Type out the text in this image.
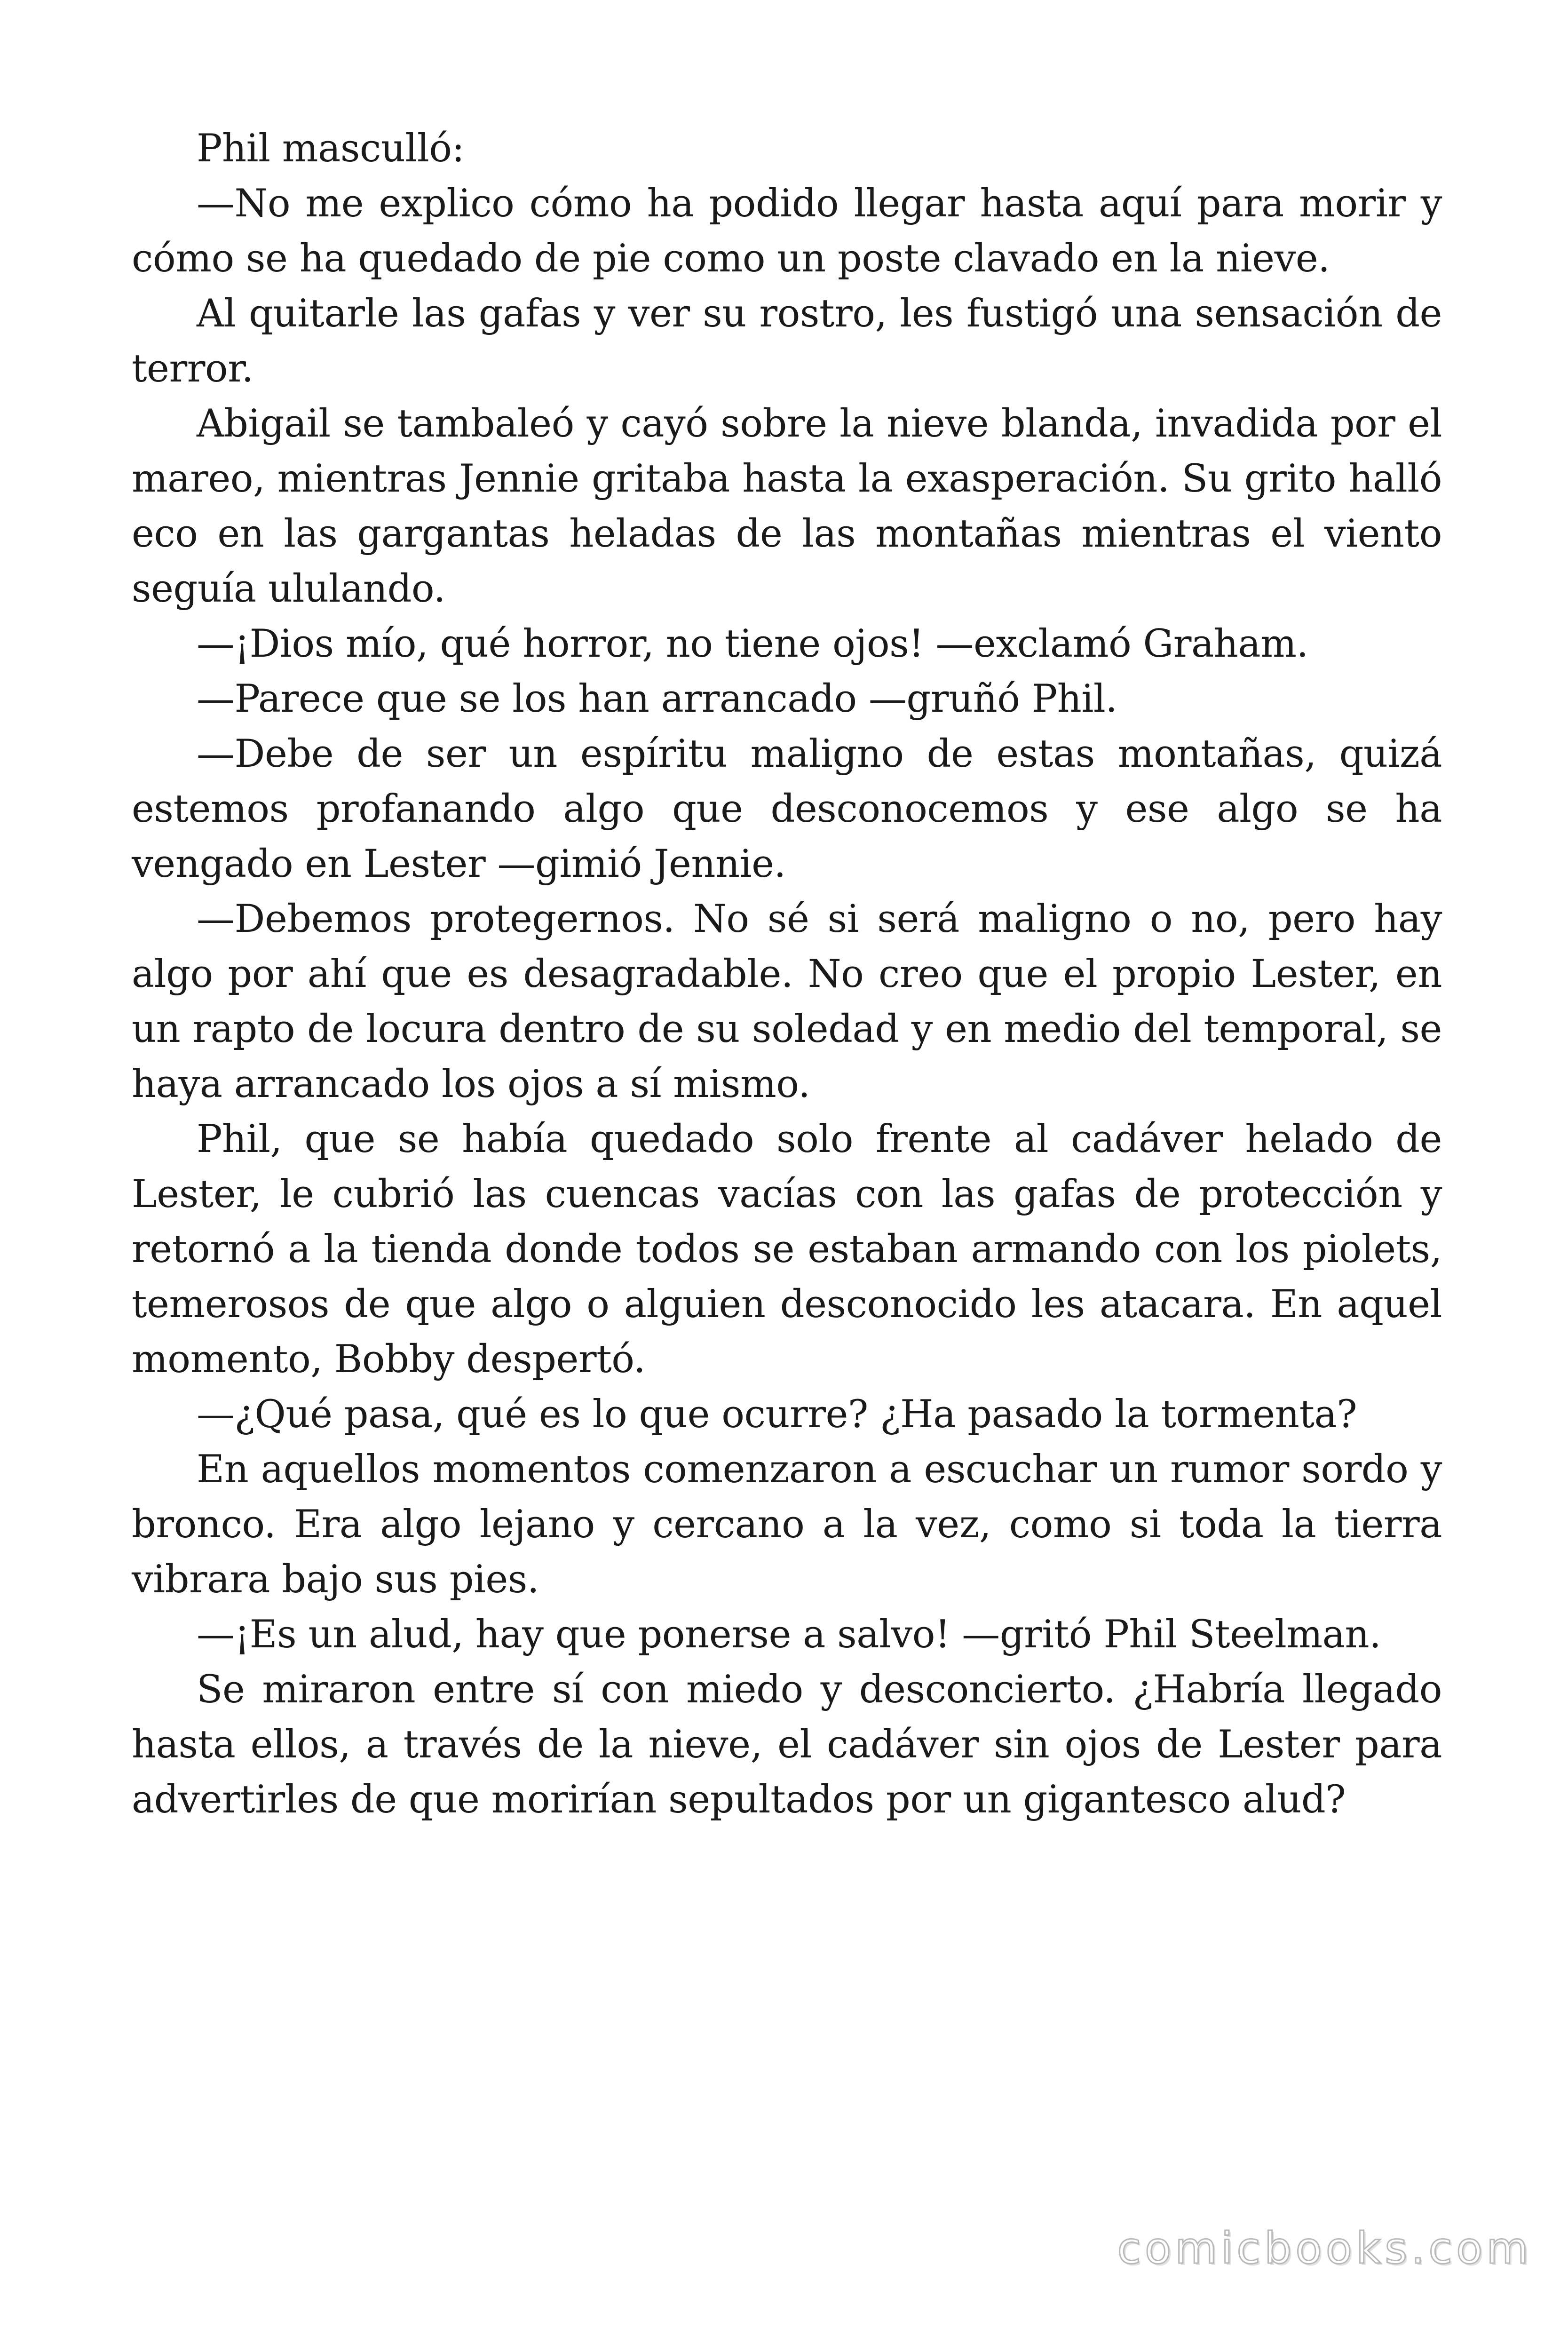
Phil masculló:

—No me explico cómo ha podido llegar hasta aquí para morir y cómo se ha quedado de pie como un poste clavado en la nieve.

Al quitarle las gafas y ver su rostro, les fustigó una sensación de terror.

Abigail se tambaleó y cayó sobre la nieve blanda, invadida por el mareo, mientras Jennie gritaba hasta la exasperación. Su grito halló eco en las gargantas heladas de las montañas mientras el viento seguía ululando.

—¡Dios mío, qué horror, no tiene ojos! —exclamó Graham.

—Parece que se los han arrancado —gruñó Phil.

—Debe de ser un espíritu maligno de estas montañas, quizá estemos profanando algo que desconocemos y ese algo se ha vengado en Lester —gimió Jennie.

—Debemos protegernos. No sé si será maligno o no, pero hay algo por ahí que es desagradable. No creo que el propio Lester, en un rapto de locura dentro de su soledad y en medio del temporal, se haya arrancado los ojos a sí mismo.

Phil, que se había quedado solo frente al cadáver helado de Lester, le cubrió las cuencas vacías con las gafas de protección y retornó a la tienda donde todos se estaban armando con los piolets, temerosos de que algo o alguien desconocido les atacara. En aquel momento, Bobby despertó.

—¿Qué pasa, qué es lo que ocurre? ¿Ha pasado la tormenta?

En aquellos momentos comenzaron a escuchar un rumor sordo y bronco. Era algo lejano y cercano a la vez, como si toda la tierra vibrara bajo sus pies.

—¡Es un alud, hay que ponerse a salvo! —gritó Phil Steelman.

Se miraron entre sí con miedo y desconcierto. ¿Habría llegado hasta ellos, a través de la nieve, el cadáver sin ojos de Lester para advertirles de que morirían sepultados por un gigantesco alud?

comicbooks.com
